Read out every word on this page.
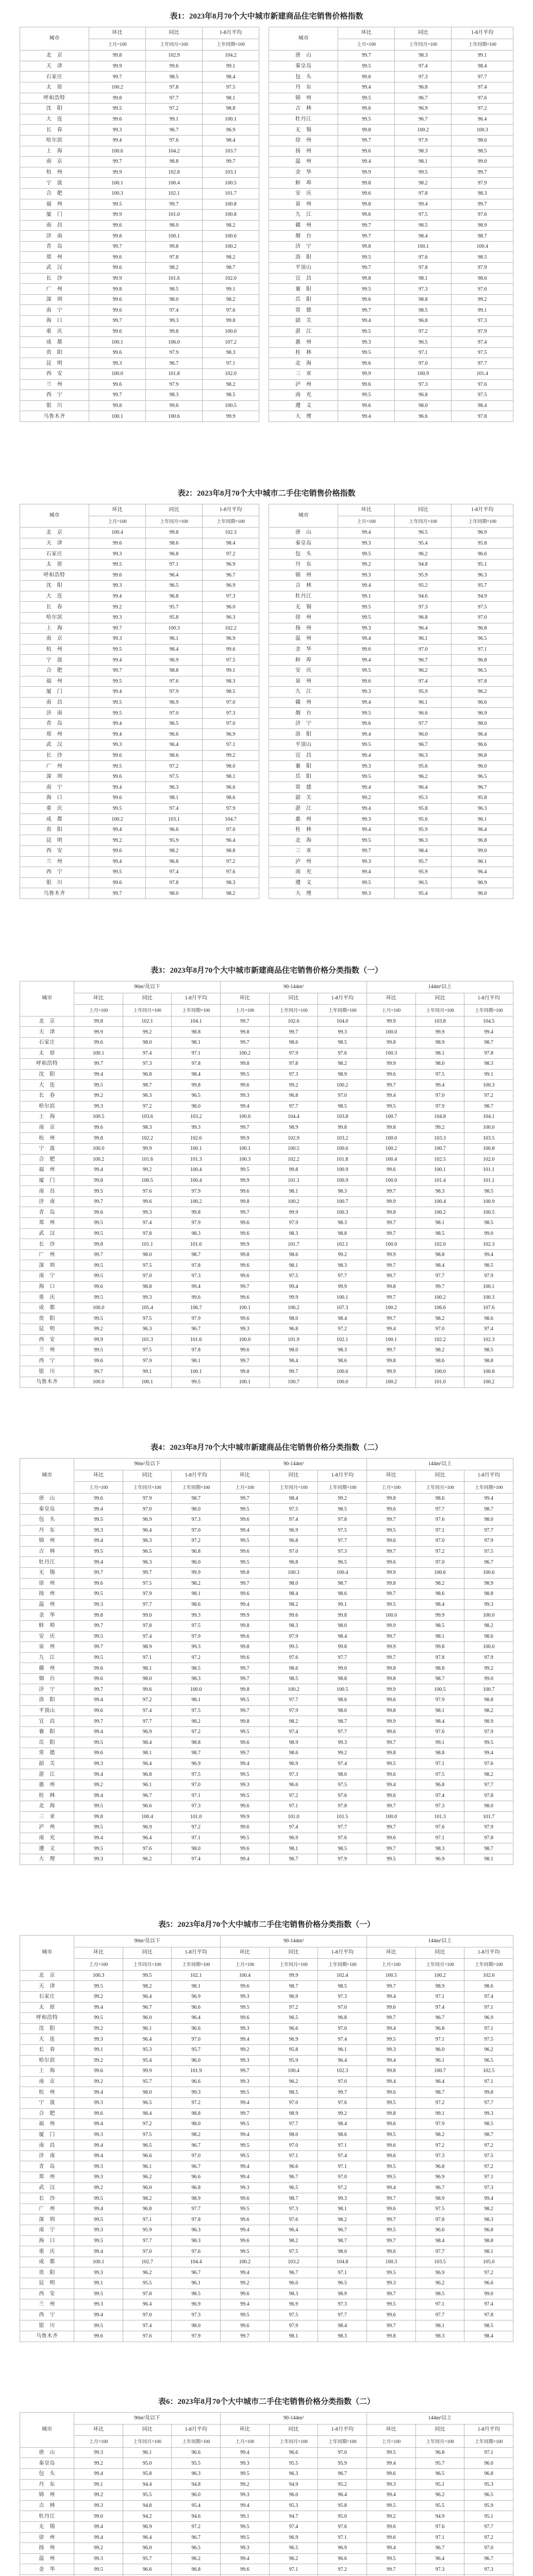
表1：2023年8月70个大中城市新建商品住宅销售价格指数
城市	环比	同比	1-8月平均		城市	环比	同比	1-8月平均
	上月=100	上年同月=100	上年同期=100			上月=100	上年同月=100	上年同期=100
北　京	99.8	102.9	104.2		唐　山	99.7	98.3	99.1
天　津	99.9	99.6	99.1		秦皇岛	99.5	97.4	98.4
石家庄	99.7	98.5	98.4		包　头	99.6	97.3	97.7
太　原	100.2	97.8	97.5		丹　东	99.4	96.8	97.4
呼和浩特	99.8	97.7	98.1		锦　州	99.5	96.7	97.6
沈　阳	99.5	97.2	98.8		吉　林	99.6	96.9	97.2
大　连	99.6	99.1	100.1		牡丹江	99.5	96.7	96.4
长　春	99.3	96.7	96.9		无　锡	99.8	100.2	100.3
哈尔滨	99.4	97.6	98.4		徐　州	99.7	97.9	98.6
上　海	100.6	104.2	103.7		扬　州	99.6	98.3	98.5
南　京	99.7	98.8	99.7		温　州	99.4	98.1	99.0
杭　州	99.9	102.8	103.1		金　华	99.9	99.5	99.7
宁　波	100.1	100.4	100.5		蚌　埠	99.8	98.2	97.9
合　肥	100.3	102.1	101.7		安　庆	99.6	97.8	98.3
福　州	99.5	99.7	100.8		泉　州	99.8	99.4	99.7
厦　门	99.9	101.0	100.8		九　江	99.6	97.5	97.6
南　昌	99.6	98.0	98.2		赣　州	99.7	98.5	98.9
济　南	99.8	100.1	100.6		烟　台	99.7	98.4	98.7
青　岛	99.7	99.8	100.2		济　宁	99.8	100.1	100.4
郑　州	99.6	97.8	98.2		洛　阳	99.5	97.6	98.5
武　汉	99.6	98.2	98.7		平顶山	99.7	97.8	97.9
长　沙	99.9	101.6	102.0		宜　昌	99.8	98.1	98.6
广　州	99.8	98.5	99.1		襄　阳	99.5	97.3	97.6
深　圳	99.6	98.0	98.2		岳　阳	99.6	98.8	99.2
南　宁	99.6	97.4	97.6		常　德	99.7	98.5	99.1
海　口	99.7	99.3	99.8		韶　关	99.4	96.8	97.3
重　庆	99.6	99.8	100.0		湛　江	99.5	97.2	97.9
成　都	100.1	106.0	107.2		惠　州	99.3	96.5	97.4
贵　阳	99.6	97.9	98.3		桂　林	99.5	97.1	97.5
昆　明	99.3	96.7	97.1		北　海	99.6	97.0	97.7
西　安	100.0	101.8	102.0		三　亚	99.9	100.9	101.4
兰　州	99.6	97.9	98.2		泸　州	99.6	97.3	97.6
西　宁	99.7	98.3	98.5		南　充	99.5	96.8	97.5
银　川	99.8	99.6	100.5		遵　义	99.6	98.0	98.4
乌鲁木齐	100.1	100.6	99.9		大　理	99.4	96.6	97.8
表2：2023年8月70个大中城市二手住宅销售价格指数
城市	环比	同比	1-8月平均		城市	环比	同比	1-8月平均
	上月=100	上年同月=100	上年同期=100			上月=100	上年同月=100	上年同期=100
北　京	100.4	99.8	102.3		唐　山	99.4	96.5	96.9
天　津	99.6	98.6	98.4		秦皇岛	99.3	95.4	95.8
石家庄	99.3	96.8	97.2		包　头	99.5	96.2	96.6
太　原	99.5	97.1	96.9		丹　东	99.2	94.8	95.1
呼和浩特	99.6	96.4	96.7		锦　州	99.3	95.9	96.3
沈　阳	99.3	96.5	96.9		吉　林	99.4	95.2	95.7
大　连	99.4	96.8	97.3		牡丹江	99.1	94.6	94.9
长　春	99.2	95.7	96.0		无　锡	99.5	97.3	97.5
哈尔滨	99.3	95.8	96.3		徐　州	99.5	96.8	97.0
上　海	99.7	100.3	102.2		扬　州	99.3	96.4	96.8
南　京	99.3	96.1	96.9		温　州	99.4	96.1	96.5
杭　州	99.5	98.4	99.6		金　华	99.6	97.0	97.1
宁　波	99.4	96.9	97.5		蚌　埠	99.4	96.7	96.8
合　肥	99.7	98.8	99.1		安　庆	99.5	96.2	96.5
福　州	99.5	97.6	98.3		泉　州	99.6	97.4	97.8
厦　门	99.4	97.9	98.5		九　江	99.3	95.9	96.2
南　昌	99.5	96.9	97.0		赣　州	99.4	96.1	96.6
济　南	99.5	97.0	97.3		烟　台	99.5	96.6	96.9
青　岛	99.4	96.5	97.0		济　宁	99.6	97.7	98.0
郑　州	99.4	96.6	96.9		洛　阳	99.4	96.0	96.4
武　汉	99.3	96.4	97.1		平顶山	99.5	96.7	96.6
长　沙	99.6	98.6	99.2		宜　昌	99.4	96.3	96.8
广　州	99.5	97.2	98.0		襄　阳	99.3	95.6	96.0
深　圳	99.6	97.5	98.1		岳　阳	99.5	96.2	96.5
南　宁	99.4	96.3	96.6		常　德	99.4	96.4	96.7
海　口	99.6	98.1	98.6		韶　关	99.2	95.3	95.8
重　庆	99.5	97.4	97.9		湛　江	99.4	95.8	96.3
成　都	100.2	103.1	104.7		惠　州	99.3	95.6	96.1
贵　阳	99.4	96.6	97.0		桂　林	99.4	95.9	96.4
昆　明	99.2	95.9	96.4		北　海	99.5	96.3	96.8
西　安	99.6	98.2	98.8		三　亚	99.7	98.4	99.0
兰　州	99.4	96.8	97.2		泸　州	99.3	95.7	96.1
西　宁	99.5	97.4	97.6		南　充	99.4	95.9	96.4
银　川	99.6	97.8	98.3		遵　义	99.5	96.5	96.9
乌鲁木齐	99.7	98.0	98.2		大　理	99.3	95.4	96.0
表3：2023年8月70个大中城市新建商品住宅销售价格分类指数（一）
城市	90m²及以下			90-144m²			144m²以上		
	环比	同比	1-8月平均	环比	同比	1-8月平均	环比	同比	1-8月平均
	上月=100	上年同月=100	上年同期=100	上月=100	上年同月=100	上年同期=100	上月=100	上年同月=100	上年同期=100
北　京	99.8	102.1	104.1	99.7	102.6	104.0	99.9	103.8	104.5
天　津	99.9	99.2	98.8	99.8	99.7	99.3	100.0	99.9	99.4
石家庄	99.6	98.0	98.1	99.7	98.6	98.5	99.8	98.9	98.7
太　原	100.1	97.4	97.1	100.2	97.9	97.6	100.3	98.1	97.8
呼和浩特	99.7	97.3	97.8	99.8	97.8	98.2	99.9	98.0	98.3
沈　阳	99.4	96.8	98.4	99.5	97.3	98.9	99.6	97.5	99.1
大　连	99.5	98.7	99.8	99.6	99.2	100.2	99.7	99.4	100.3
长　春	99.2	96.3	96.5	99.3	96.8	97.0	99.4	97.0	97.2
哈尔滨	99.3	97.2	98.0	99.4	97.7	98.5	99.5	97.9	98.7
上　海	100.5	103.6	103.2	100.6	104.4	103.8	100.7	104.8	104.1
南　京	99.6	98.3	99.3	99.7	98.9	99.8	99.8	99.2	100.0
杭　州	99.8	102.2	102.6	99.9	102.9	103.2	100.0	103.3	103.5
宁　波	100.0	99.9	100.1	100.1	100.5	100.6	100.2	100.7	100.8
合　肥	100.2	101.6	101.3	100.3	102.2	101.8	100.4	102.5	102.0
福　州	99.4	99.2	100.4	99.5	99.8	100.9	99.6	100.1	101.1
厦　门	99.8	100.5	100.4	99.9	101.1	100.9	100.0	101.4	101.1
南　昌	99.5	97.6	97.9	99.6	98.1	98.3	99.7	98.3	98.5
济　南	99.7	99.6	100.2	99.8	100.2	100.7	99.9	100.4	100.9
青　岛	99.6	99.3	99.8	99.7	99.9	100.3	99.8	100.2	100.5
郑　州	99.5	97.4	97.9	99.6	97.9	98.3	99.7	98.1	98.5
武　汉	99.5	97.8	98.3	99.6	98.3	98.8	99.7	98.5	99.0
长　沙	99.8	101.1	101.6	99.9	101.7	102.1	100.0	102.0	102.3
广　州	99.7	98.0	98.7	99.8	98.6	99.2	99.9	98.8	99.4
深　圳	99.5	97.5	97.8	99.6	98.1	98.3	99.7	98.4	98.5
南　宁	99.5	97.0	97.3	99.6	97.5	97.7	99.7	97.7	97.9
海　口	99.6	98.8	99.4	99.7	99.4	99.9	99.8	99.7	100.1
重　庆	99.5	99.3	99.6	99.6	99.9	100.1	99.7	100.2	100.3
成　都	100.0	105.4	106.7	100.1	106.2	107.3	100.2	106.6	107.6
贵　阳	99.5	97.5	97.9	99.6	98.0	98.4	99.7	98.2	98.6
昆　明	99.2	96.3	96.7	99.3	96.8	97.2	99.4	97.0	97.4
西　安	99.9	101.3	101.6	100.0	101.9	102.1	100.1	102.2	102.3
兰　州	99.5	97.5	97.8	99.6	98.0	98.3	99.7	98.2	98.5
西　宁	99.6	97.9	98.1	99.7	98.4	98.6	99.8	98.6	98.8
银　川	99.7	99.1	100.1	99.8	99.7	100.6	99.9	100.0	100.8
乌鲁木齐	100.0	100.1	99.5	100.1	100.7	100.0	100.2	101.0	100.2
表4：2023年8月70个大中城市新建商品住宅销售价格分类指数（二）
城市	90m²及以下			90-144m²			144m²以上		
	环比	同比	1-8月平均	环比	同比	1-8月平均	环比	同比	1-8月平均
	上月=100	上年同月=100	上年同期=100	上月=100	上年同月=100	上年同期=100	上月=100	上年同月=100	上年同期=100
唐　山	99.6	97.9	98.7	99.7	98.4	99.2	99.8	98.6	99.4
秦皇岛	99.4	97.0	98.0	99.5	97.5	98.5	99.6	97.7	98.7
包　头	99.5	96.9	97.3	99.6	97.4	97.8	99.7	97.6	98.0
丹　东	99.3	96.4	97.0	99.4	96.9	97.5	99.5	97.1	97.7
锦　州	99.4	96.3	97.2	99.5	96.8	97.7	99.6	97.0	97.9
吉　林	99.5	96.5	96.8	99.6	97.0	97.3	99.7	97.2	97.5
牡丹江	99.4	96.3	96.0	99.5	96.8	96.5	99.6	97.0	96.7
无　锡	99.7	99.7	99.9	99.8	100.3	100.4	99.9	100.6	100.6
徐　州	99.6	97.5	98.2	99.7	98.0	98.7	99.8	98.2	98.9
扬　州	99.5	97.9	98.1	99.6	98.4	98.6	99.7	98.6	98.8
温　州	99.3	97.7	98.6	99.4	98.2	99.1	99.5	98.4	99.3
金　华	99.8	99.0	99.3	99.9	99.6	99.8	100.0	99.9	100.0
蚌　埠	99.7	97.8	97.5	99.8	98.3	98.0	99.9	98.5	98.2
安　庆	99.5	97.4	97.9	99.6	97.9	98.4	99.7	98.1	98.6
泉　州	99.7	98.9	99.3	99.8	99.5	99.8	99.9	99.8	100.0
九　江	99.5	97.1	97.2	99.6	97.6	97.7	99.7	97.8	97.9
赣　州	99.6	98.1	98.5	99.7	98.6	99.0	99.8	98.8	99.2
烟　台	99.6	98.0	98.3	99.7	98.5	98.8	99.8	98.7	99.0
济　宁	99.7	99.6	100.0	99.8	100.2	100.5	99.9	100.5	100.7
洛　阳	99.4	97.2	98.1	99.5	97.7	98.6	99.6	97.9	98.8
平顶山	99.6	97.4	97.5	99.7	97.9	98.0	99.8	98.1	98.2
宜　昌	99.7	97.7	98.2	99.8	98.2	98.7	99.9	98.4	98.9
襄　阳	99.4	96.9	97.2	99.5	97.4	97.7	99.6	97.6	97.9
岳　阳	99.5	98.4	98.8	99.6	98.9	99.3	99.7	99.1	99.5
常　德	99.6	98.1	98.7	99.7	98.6	99.2	99.8	98.8	99.4
韶　关	99.3	96.4	96.9	99.4	96.9	97.4	99.5	97.1	97.6
湛　江	99.4	96.8	97.5	99.5	97.3	98.0	99.6	97.5	98.2
惠　州	99.2	96.1	97.0	99.3	96.6	97.5	99.4	96.8	97.7
桂　林	99.4	96.7	97.1	99.5	97.2	97.6	99.6	97.4	97.8
北　海	99.5	96.6	97.3	99.6	97.1	97.8	99.7	97.3	98.0
三　亚	99.8	100.4	101.0	99.9	101.0	101.5	100.0	101.3	101.7
泸　州	99.5	96.9	97.2	99.6	97.4	97.7	99.7	97.6	97.9
南　充	99.4	96.4	97.1	99.5	96.9	97.6	99.6	97.1	97.8
遵　义	99.5	97.6	98.0	99.6	98.1	98.5	99.7	98.3	98.7
大　理	99.3	96.2	97.4	99.4	96.7	97.9	99.5	96.9	98.1
表5：2023年8月70个大中城市二手住宅销售价格分类指数（一）
城市	90m²及以下			90-144m²			144m²以上		
	环比	同比	1-8月平均	环比	同比	1-8月平均	环比	同比	1-8月平均
	上月=100	上年同月=100	上年同期=100	上月=100	上年同月=100	上年同期=100	上月=100	上年同月=100	上年同期=100
北　京	100.3	99.5	102.1	100.4	99.9	102.4	100.5	100.2	102.6
天　津	99.5	98.2	98.1	99.6	98.7	98.5	99.7	98.9	98.6
石家庄	99.2	96.4	96.9	99.3	96.9	97.3	99.4	97.1	97.4
太　原	99.4	96.7	96.6	99.5	97.2	97.0	99.6	97.4	97.1
呼和浩特	99.5	96.0	96.4	99.6	96.5	96.8	99.7	96.7	96.9
沈　阳	99.2	96.1	96.6	99.3	96.6	97.0	99.4	96.8	97.1
大　连	99.3	96.4	97.0	99.4	96.9	97.4	99.5	97.1	97.5
长　春	99.1	95.3	95.7	99.2	95.8	96.1	99.3	96.0	96.2
哈尔滨	99.2	95.4	96.0	99.3	95.9	96.4	99.4	96.1	96.5
上　海	99.6	99.9	101.9	99.7	100.4	102.3	99.8	100.7	102.5
南　京	99.2	95.7	96.6	99.3	96.2	97.0	99.4	96.4	97.1
杭　州	99.4	98.0	99.3	99.5	98.5	99.7	99.6	98.7	99.8
宁　波	99.3	96.5	97.2	99.4	97.0	97.6	99.5	97.2	97.7
合　肥	99.6	98.4	98.8	99.7	98.9	99.2	99.8	99.1	99.3
福　州	99.4	97.2	98.0	99.5	97.7	98.4	99.6	97.9	98.5
厦　门	99.3	97.5	98.2	99.4	98.0	98.6	99.5	98.2	98.7
南　昌	99.4	96.5	96.7	99.5	97.0	97.1	99.6	97.2	97.2
济　南	99.4	96.6	97.0	99.5	97.1	97.4	99.6	97.3	97.5
青　岛	99.3	96.1	96.7	99.4	96.6	97.1	99.5	96.8	97.2
郑　州	99.3	96.2	96.6	99.4	96.7	97.0	99.5	96.9	97.1
武　汉	99.2	96.0	96.8	99.3	96.5	97.2	99.4	96.7	97.3
长　沙	99.5	98.2	98.9	99.6	98.7	99.3	99.7	98.9	99.4
广　州	99.4	96.8	97.7	99.5	97.3	98.1	99.6	97.5	98.2
深　圳	99.5	97.1	97.8	99.6	97.6	98.2	99.7	97.8	98.3
南　宁	99.3	95.9	96.3	99.4	96.4	96.7	99.5	96.6	96.8
海　口	99.5	97.7	98.3	99.6	98.2	98.7	99.7	98.4	98.8
重　庆	99.4	97.0	97.6	99.5	97.5	98.0	99.6	97.7	98.1
成　都	100.1	102.7	104.4	100.2	103.2	104.8	100.3	103.5	105.0
贵　阳	99.3	96.2	96.7	99.4	96.7	97.1	99.5	96.9	97.2
昆　明	99.1	95.5	96.1	99.2	96.0	96.5	99.3	96.2	96.6
西　安	99.5	97.8	98.5	99.6	98.3	98.9	99.7	98.5	99.0
兰　州	99.3	96.4	96.9	99.4	96.9	97.3	99.5	97.1	97.4
西　宁	99.4	97.0	97.3	99.5	97.5	97.7	99.6	97.7	97.8
银　川	99.5	97.4	98.0	99.6	97.9	98.4	99.7	98.1	98.5
乌鲁木齐	99.6	97.6	97.9	99.7	98.1	98.3	99.8	98.3	98.4
表6：2023年8月70个大中城市二手住宅销售价格分类指数（二）
城市	90m²及以下			90-144m²			144m²以上		
	环比	同比	1-8月平均	环比	同比	1-8月平均	环比	同比	1-8月平均
	上月=100	上年同月=100	上年同期=100	上月=100	上年同月=100	上年同期=100	上月=100	上年同月=100	上年同期=100
唐　山	99.3	96.1	96.6	99.4	96.6	97.0	99.5	96.8	97.1
秦皇岛	99.2	95.0	95.5	99.3	95.5	95.9	99.4	95.7	96.0
包　头	99.4	95.8	96.3	99.5	96.3	96.7	99.6	96.5	96.8
丹　东	99.1	94.4	94.8	99.2	94.9	95.2	99.3	95.1	95.3
锦　州	99.2	95.5	96.0	99.3	96.0	96.4	99.4	96.2	96.5
吉　林	99.3	94.8	95.4	99.4	95.3	95.8	99.5	95.5	95.9
牡丹江	99.0	94.2	94.6	99.1	94.7	95.0	99.2	94.9	95.1
无　锡	99.4	96.9	97.2	99.5	97.4	97.6	99.6	97.6	97.7
徐　州	99.4	96.4	96.7	99.5	96.9	97.1	99.6	97.1	97.2
扬　州	99.2	96.0	96.5	99.3	96.5	96.9	99.4	96.7	97.0
温　州	99.3	95.7	96.2	99.4	96.2	96.6	99.5	96.4	96.7
金　华	99.5	96.6	96.8	99.6	97.1	97.2	99.7	97.3	97.3
